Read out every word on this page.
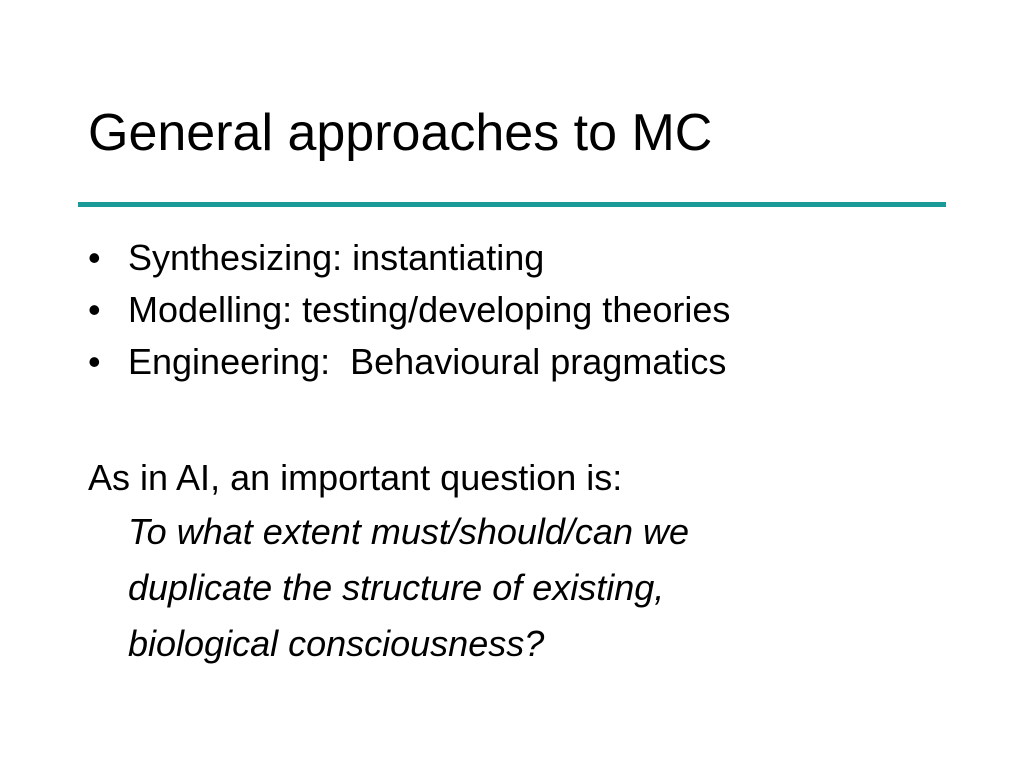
General approaches to MC
• Synthesizing: instantiating
• Modelling: testing/developing theories
• Engineering:  Behavioural pragmatics

As in AI, an important question is:

To what extent must/should/can we
duplicate the structure of existing,
biological consciousness?
